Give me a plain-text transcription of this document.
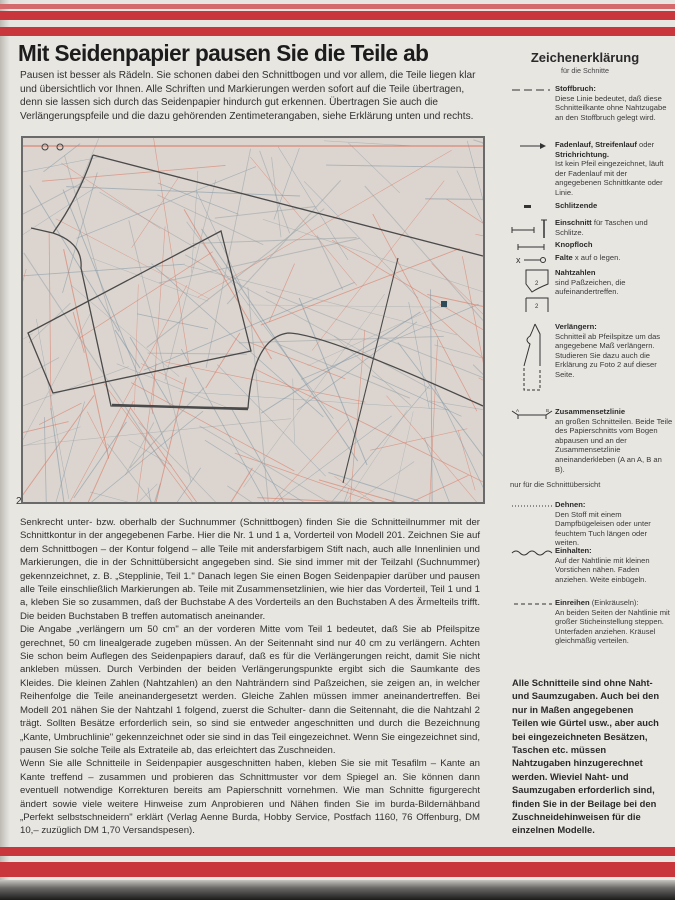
Mit Seidenpapier pausen Sie die Teile ab

Pausen ist besser als Rädeln. Sie schonen dabei den Schnittbogen und vor allem, die Teile liegen klar und übersichtlich vor Ihnen. Alle Schriften und Markierungen werden sofort auf die Teile übertragen, denn sie lassen sich durch das Seidenpapier hindurch gut erkennen. Übertragen Sie auch die Verlängerungspfeile und die dazu gehörenden Zentimeterangaben, siehe Erklärung unten und rechts.

2

Senkrecht unter- bzw. oberhalb der Suchnummer (Schnittbogen) finden Sie die Schnitteilnummer mit der Schnittkontur in der angegebenen Farbe. Hier die Nr. 1 und 1 a, Vorderteil von Modell 201. Zeichnen Sie auf dem Schnittbogen – der Kontur folgend – alle Teile mit andersfarbigem Stift nach, auch alle Innenlinien und Markierungen, die in der Schnittübersicht angegeben sind. Sie sind immer mit der Teilzahl (Suchnummer) gekennzeichnet, z. B. „Stepplinie, Teil 1." Danach legen Sie einen Bogen Seidenpapier darüber und pausen alle Teile einschließlich Markierungen ab. Teile mit Zusammensetzlinien, wie hier das Vorderteil, Teil 1 und 1 a, kleben Sie so zusammen, daß der Buchstabe A des Vorderteils an den Buchstaben A des Ärmelteils trifft. Die beiden Buchstaben B treffen automatisch aneinander.

Die Angabe „verlängern um 50 cm" an der vorderen Mitte vom Teil 1 bedeutet, daß Sie ab Pfeilspitze gerechnet, 50 cm linealgerade zugeben müssen. An der Seitennaht sind nur 40 cm zu verlängern. Achten Sie schon beim Auflegen des Seidenpapiers darauf, daß es für die Verlängerungen reicht, damit Sie nicht ankleben müssen. Durch Verbinden der beiden Verlängerungspunkte ergibt sich die Saumkante des Kleides. Die kleinen Zahlen (Nahtzahlen) an den Nahträndern sind Paßzeichen, sie zeigen an, in welcher Reihenfolge die Teile aneinandergesetzt werden. Gleiche Zahlen müssen immer aneinandertreffen. Bei Modell 201 nähen Sie der Nahtzahl 1 folgend, zuerst die Schulter- dann die Seitennaht, die die Nahtzahl 2 trägt. Sollten Besätze erforderlich sein, so sind sie entweder angeschnitten und durch die Bezeichnung „Kante, Umbruchlinie" gekennzeichnet oder sie sind in das Teil eingezeichnet. Wenn Sie eingezeichnet sind, pausen Sie solche Teile als Extrateile ab, das erleichtert das Zuschneiden.

Wenn Sie alle Schnitteile in Seidenpapier ausgeschnitten haben, kleben Sie sie mit Tesafilm – Kante an Kante treffend – zusammen und probieren das Schnittmuster vor dem Spiegel an. Sie können dann eventuell notwendige Korrekturen bereits am Papierschnitt vornehmen. Wie man Schnitte figurgerecht ändert sowie viele weitere Hinweise zum Anprobieren und Nähen finden Sie im burda-Bildernähband „Perfekt selbstschneidern" erklärt (Verlag Aenne Burda, Hobby Service, Postfach 1160, 76 Offenburg, DM 10,– zuzüglich DM 1,70 Versandspesen).

Zeichenerklärung
für die Schnitte
Stoffbruch:
Diese Linie bedeutet, daß diese Schnitteilkante ohne Nahtzugabe an den Stoffbruch gelegt wird.
Fadenlauf, Streifenlauf oder Strichrichtung.
Ist kein Pfeil eingezeichnet, läuft der Fadenlauf mit der angegebenen Schnittkante oder Linie.
Schlitzende
Einschnitt für Taschen und Schlitze.
Knopfloch
x	Falte x auf o legen.
2
2
Nahtzahlen
sind Paßzeichen, die aufeinandertreffen.
Verlängern:
Schnitteil ab Pfeilspitze um das angegebene Maß verlängern. Studieren Sie dazu auch die Erklärung zu Foto 2 auf dieser Seite.
A	B Zusammensetzlinie
an großen Schnitteilen. Beide Teile des Papierschnitts vom Bogen abpausen und an der Zusammensetzlinie aneinanderkleben (A an A, B an B).
nur für die Schnittübersicht
Dehnen:
Den Stoff mit einem Dampfbügeleisen oder unter feuchtem Tuch längen oder weiten.
Einhalten:
Auf der Nahtlinie mit kleinen Vorstichen nähen. Faden anziehen. Weite einbügeln.
Einreihen (Einkräuseln):
An beiden Seiten der Nahtlinie mit großer Sticheinstellung steppen. Unterfaden anziehen. Kräusel gleichmäßig verteilen.

Alle Schnitteile sind ohne Naht- und Saumzugaben. Auch bei den nur in Maßen angegebenen Teilen wie Gürtel usw., aber auch bei eingezeichneten Besätzen, Taschen etc. müssen Nahtzugaben hinzugerechnet werden. Wieviel Naht- und Saumzugaben erforderlich sind, finden Sie in der Beilage bei den Zuschneidehinweisen für die einzelnen Modelle.
